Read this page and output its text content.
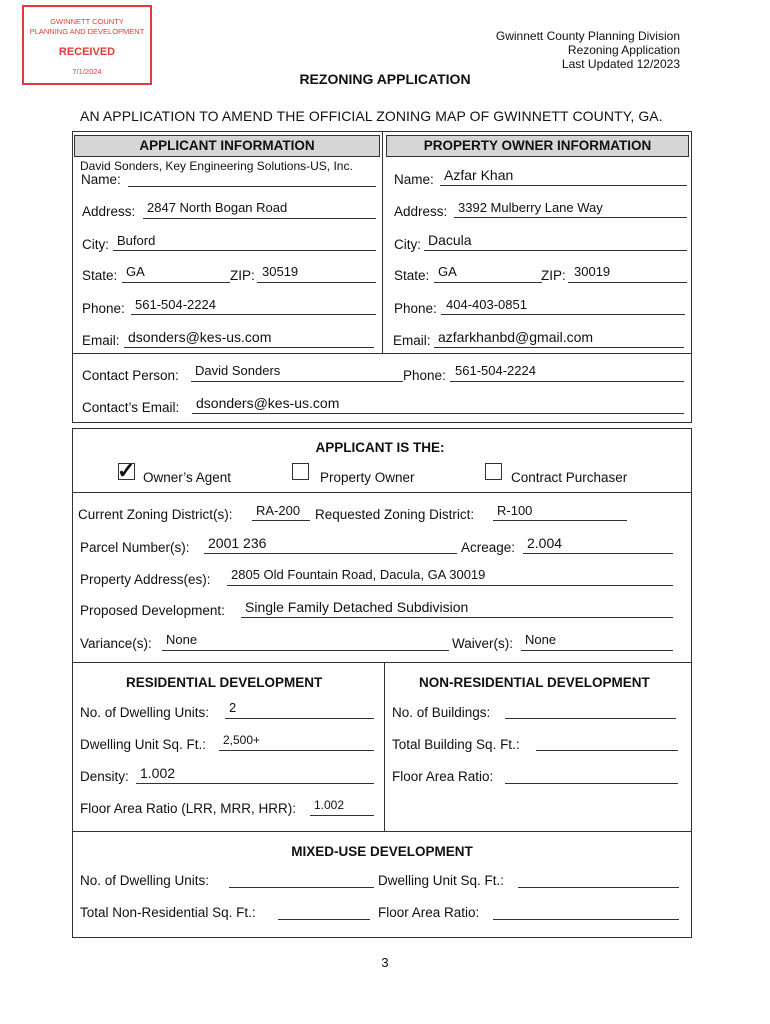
GWINNETT COUNTY
PLANNING AND DEVELOPMENT
RECEIVED
7/1/2024
Gwinnett County Planning Division
Rezoning Application
Last Updated 12/2023
REZONING APPLICATION
AN APPLICATION TO AMEND THE OFFICIAL ZONING MAP OF GWINNETT COUNTY, GA.
APPLICANT INFORMATION	PROPERTY OWNER INFORMATION
David Sonders, Key Engineering Solutions-US, Inc.
Name:
Address: 2847 North Bogan Road
City: Buford
State: GA	ZIP: 30519
Phone: 561-504-2224
Email: dsonders@kes-us.com
Name: Azfar Khan
Address: 3392 Mulberry Lane Way
City: Dacula
State: GA	ZIP: 30019
Phone: 404-403-0851
Email: azfarkhanbd@gmail.com
Contact Person: David Sonders	Phone: 561-504-2224
Contact’s Email: dsonders@kes-us.com
APPLICANT IS THE:
✓ Owner’s Agent	Property Owner	Contract Purchaser
Current Zoning District(s): RA-200 Requested Zoning District: R-100
Parcel Number(s): 2001 236	Acreage: 2.004
Property Address(es): 2805 Old Fountain Road, Dacula, GA 30019
Proposed Development: Single Family Detached Subdivision
Variance(s): None	Waiver(s): None
RESIDENTIAL DEVELOPMENT
No. of Dwelling Units: 2
Dwelling Unit Sq. Ft.: 2,500+
Density: 1.002
Floor Area Ratio (LRR, MRR, HRR): 1.002
NON-RESIDENTIAL DEVELOPMENT
No. of Buildings:
Total Building Sq. Ft.:
Floor Area Ratio:
MIXED-USE DEVELOPMENT
No. of Dwelling Units:	Dwelling Unit Sq. Ft.:
Total Non-Residential Sq. Ft.:	Floor Area Ratio:
3
